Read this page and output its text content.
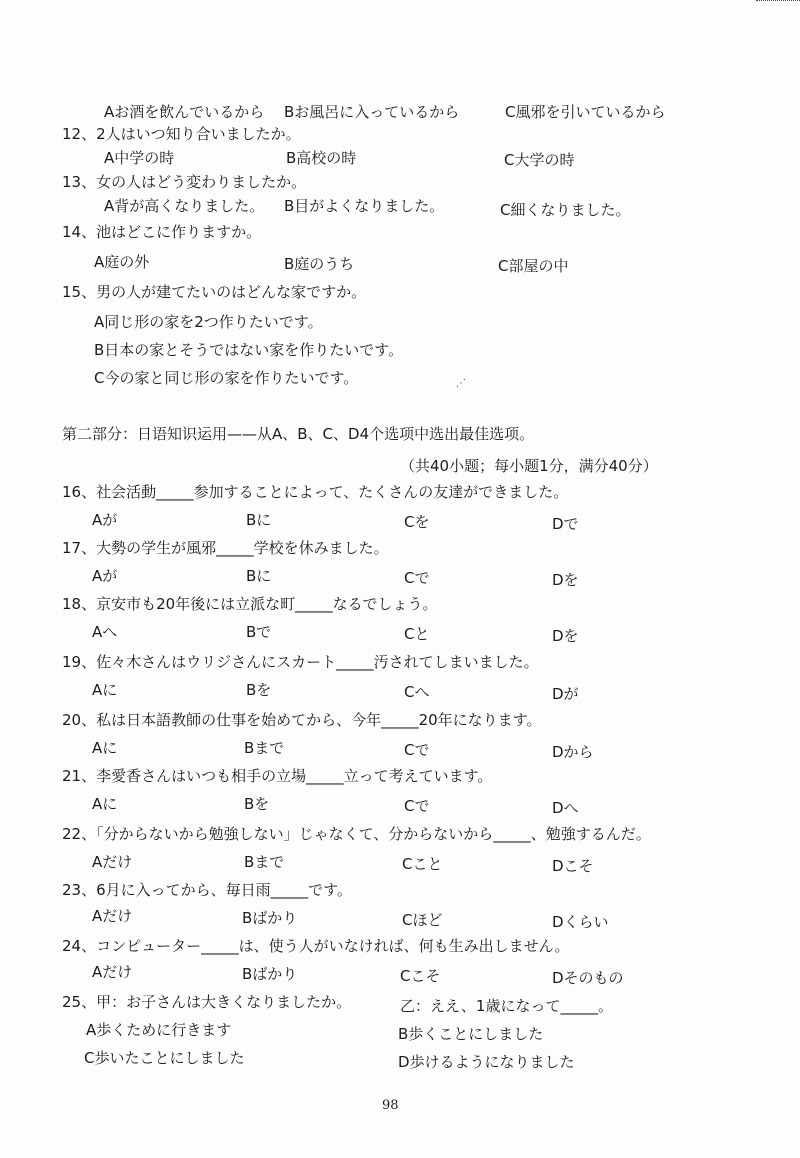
Aお酒を飲んでいるから Bお風呂に入っているから	C風邪を引いているから
12、2人はいつ知り合いましたか。
A中学の時	B高校の時	C大学の時
13、女の人はどう変わりましたか。
A背が高くなりました。 B目がよくなりました。	C細くなりました。
14、池はどこに作りますか。
A庭の外	B庭のうち	C部屋の中
15、男の人が建てたいのはどんな家ですか。
A同じ形の家を2つ作りたいです。
B日本の家とそうではない家を作りたいです。
C今の家と同じ形の家を作りたいです。	⋰
第二部分：日语知识运用——从A、B、C、D4个选项中选出最佳选项。
（共40小题；每小题1分，满分40分）
16、社会活動_____参加することによって、たくさんの友達ができました。
Aが	Bに	Cを	Dで
17、大勢の学生が風邪_____学校を休みました。
Aが	Bに	Cで	Dを
18、京安市も20年後には立派な町_____なるでしょう。
Aへ	Bで	Cと	Dを
19、佐々木さんはウリジさんにスカート_____汚されてしまいました。
Aに	Bを	Cへ	Dが
20、私は日本語教師の仕事を始めてから、今年_____20年になります。
Aに	Bまで	Cで	Dから
21、李愛香さんはいつも相手の立場_____立って考えています。
Aに	Bを	Cで	Dへ
22、「分からないから勉強しない」じゃなくて、分からないから_____、勉強するんだ。
Aだけ	Bまで	Cこと	Dこそ
23、6月に入ってから、毎日雨_____です。
Aだけ	Bばかり	Cほど	Dくらい
24、コンピューター_____は、使う人がいなければ、何も生み出しません。
Aだけ	Bばかり	Cこそ	Dそのもの
25、甲：お子さんは大きくなりましたか。	乙：ええ、1歳になって_____。
A歩くために行きます	B歩くことにしました
C歩いたことにしました	D歩けるようになりました
98
